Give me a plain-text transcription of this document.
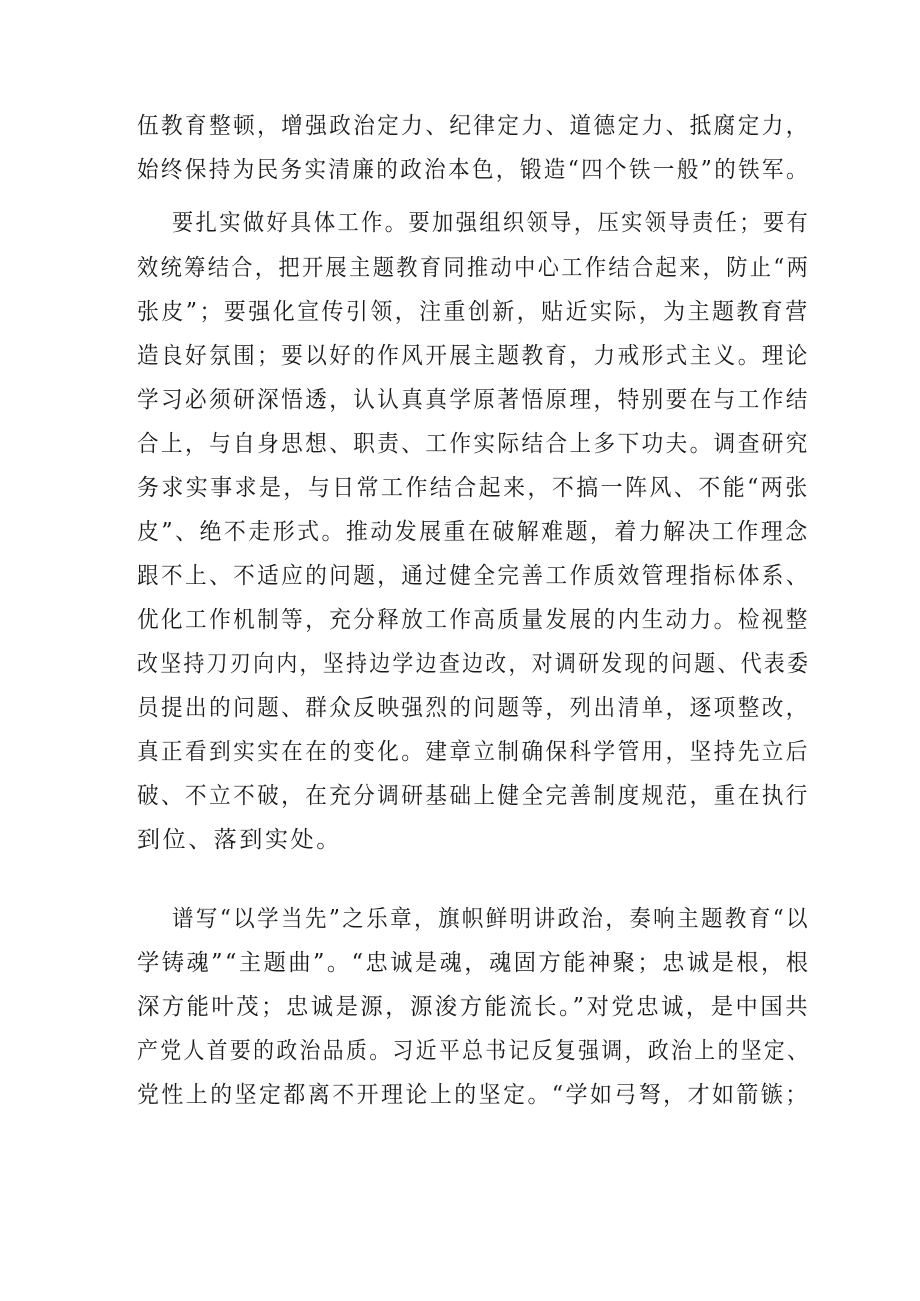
伍教育整顿，增强政治定力、纪律定力、道德定力、抵腐定力，
始终保持为民务实清廉的政治本色，锻造“四个铁一般”的铁军。
要扎实做好具体工作。要加强组织领导，压实领导责任；要有
效统筹结合，把开展主题教育同推动中心工作结合起来，防止“两
张皮”；要强化宣传引领，注重创新，贴近实际，为主题教育营
造良好氛围；要以好的作风开展主题教育，力戒形式主义。理论
学习必须研深悟透，认认真真学原著悟原理，特别要在与工作结
合上，与自身思想、职责、工作实际结合上多下功夫。调查研究
务求实事求是，与日常工作结合起来，不搞一阵风、不能“两张
皮”、绝不走形式。推动发展重在破解难题，着力解决工作理念
跟不上、不适应的问题，通过健全完善工作质效管理指标体系、
优化工作机制等，充分释放工作高质量发展的内生动力。检视整
改坚持刀刃向内，坚持边学边查边改，对调研发现的问题、代表委
员提出的问题、群众反映强烈的问题等，列出清单，逐项整改，
真正看到实实在在的变化。建章立制确保科学管用，坚持先立后
破、不立不破，在充分调研基础上健全完善制度规范，重在执行
到位、落到实处。
谱写“以学当先”之乐章，旗帜鲜明讲政治，奏响主题教育“以
学铸魂”“主题曲”。“忠诚是魂，魂固方能神聚；忠诚是根，根
深方能叶茂；忠诚是源，源浚方能流长。”对党忠诚，是中国共
产党人首要的政治品质。习近平总书记反复强调，政治上的坚定、
党性上的坚定都离不开理论上的坚定。“学如弓弩，才如箭镞；
